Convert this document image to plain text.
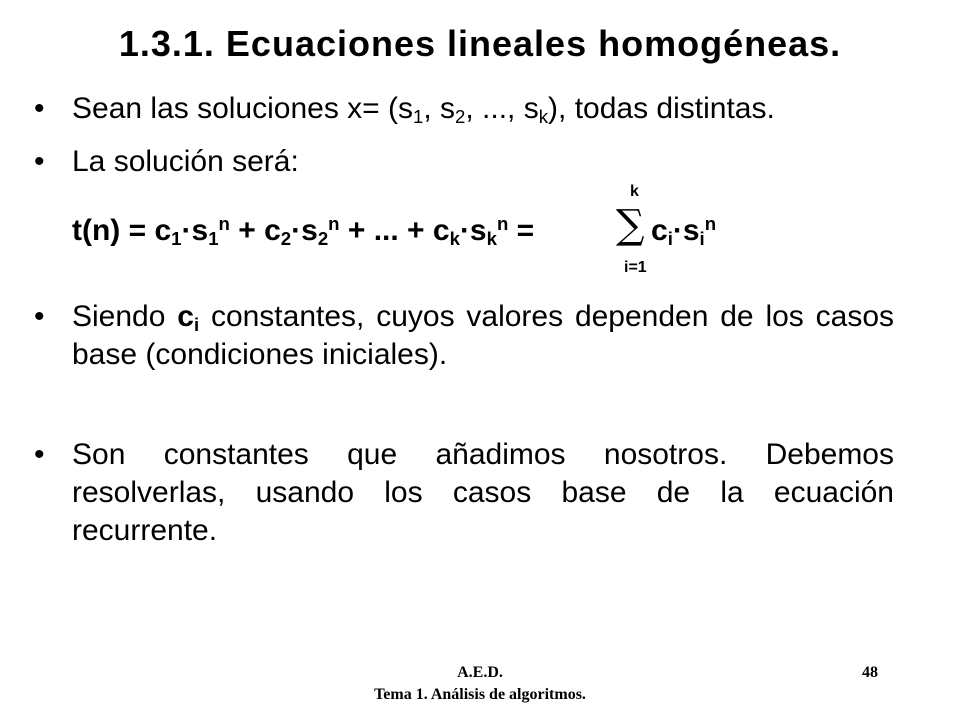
1.3.1. Ecuaciones lineales homogéneas.
• Sean las soluciones $x= (s_1$, $s_2$, ..., $s_k$), todas distintas.
• La solución será:
$t(n) = c_1\cdot s_1^n + c_2\cdot s_2^n$ + ... + $c_k\cdot s_k^n$ =
k
∑
i=1
$c_i\cdot s_i^n$
• Siendo $c_i$ constantes, cuyos valores dependen de los casos base (condiciones iniciales).
• Son constantes que añadimos nosotros. Debemos resolverlas, usando los casos base de la ecuación recurrente.
A.E.D.
Tema 1. Análisis de algoritmos.
48
